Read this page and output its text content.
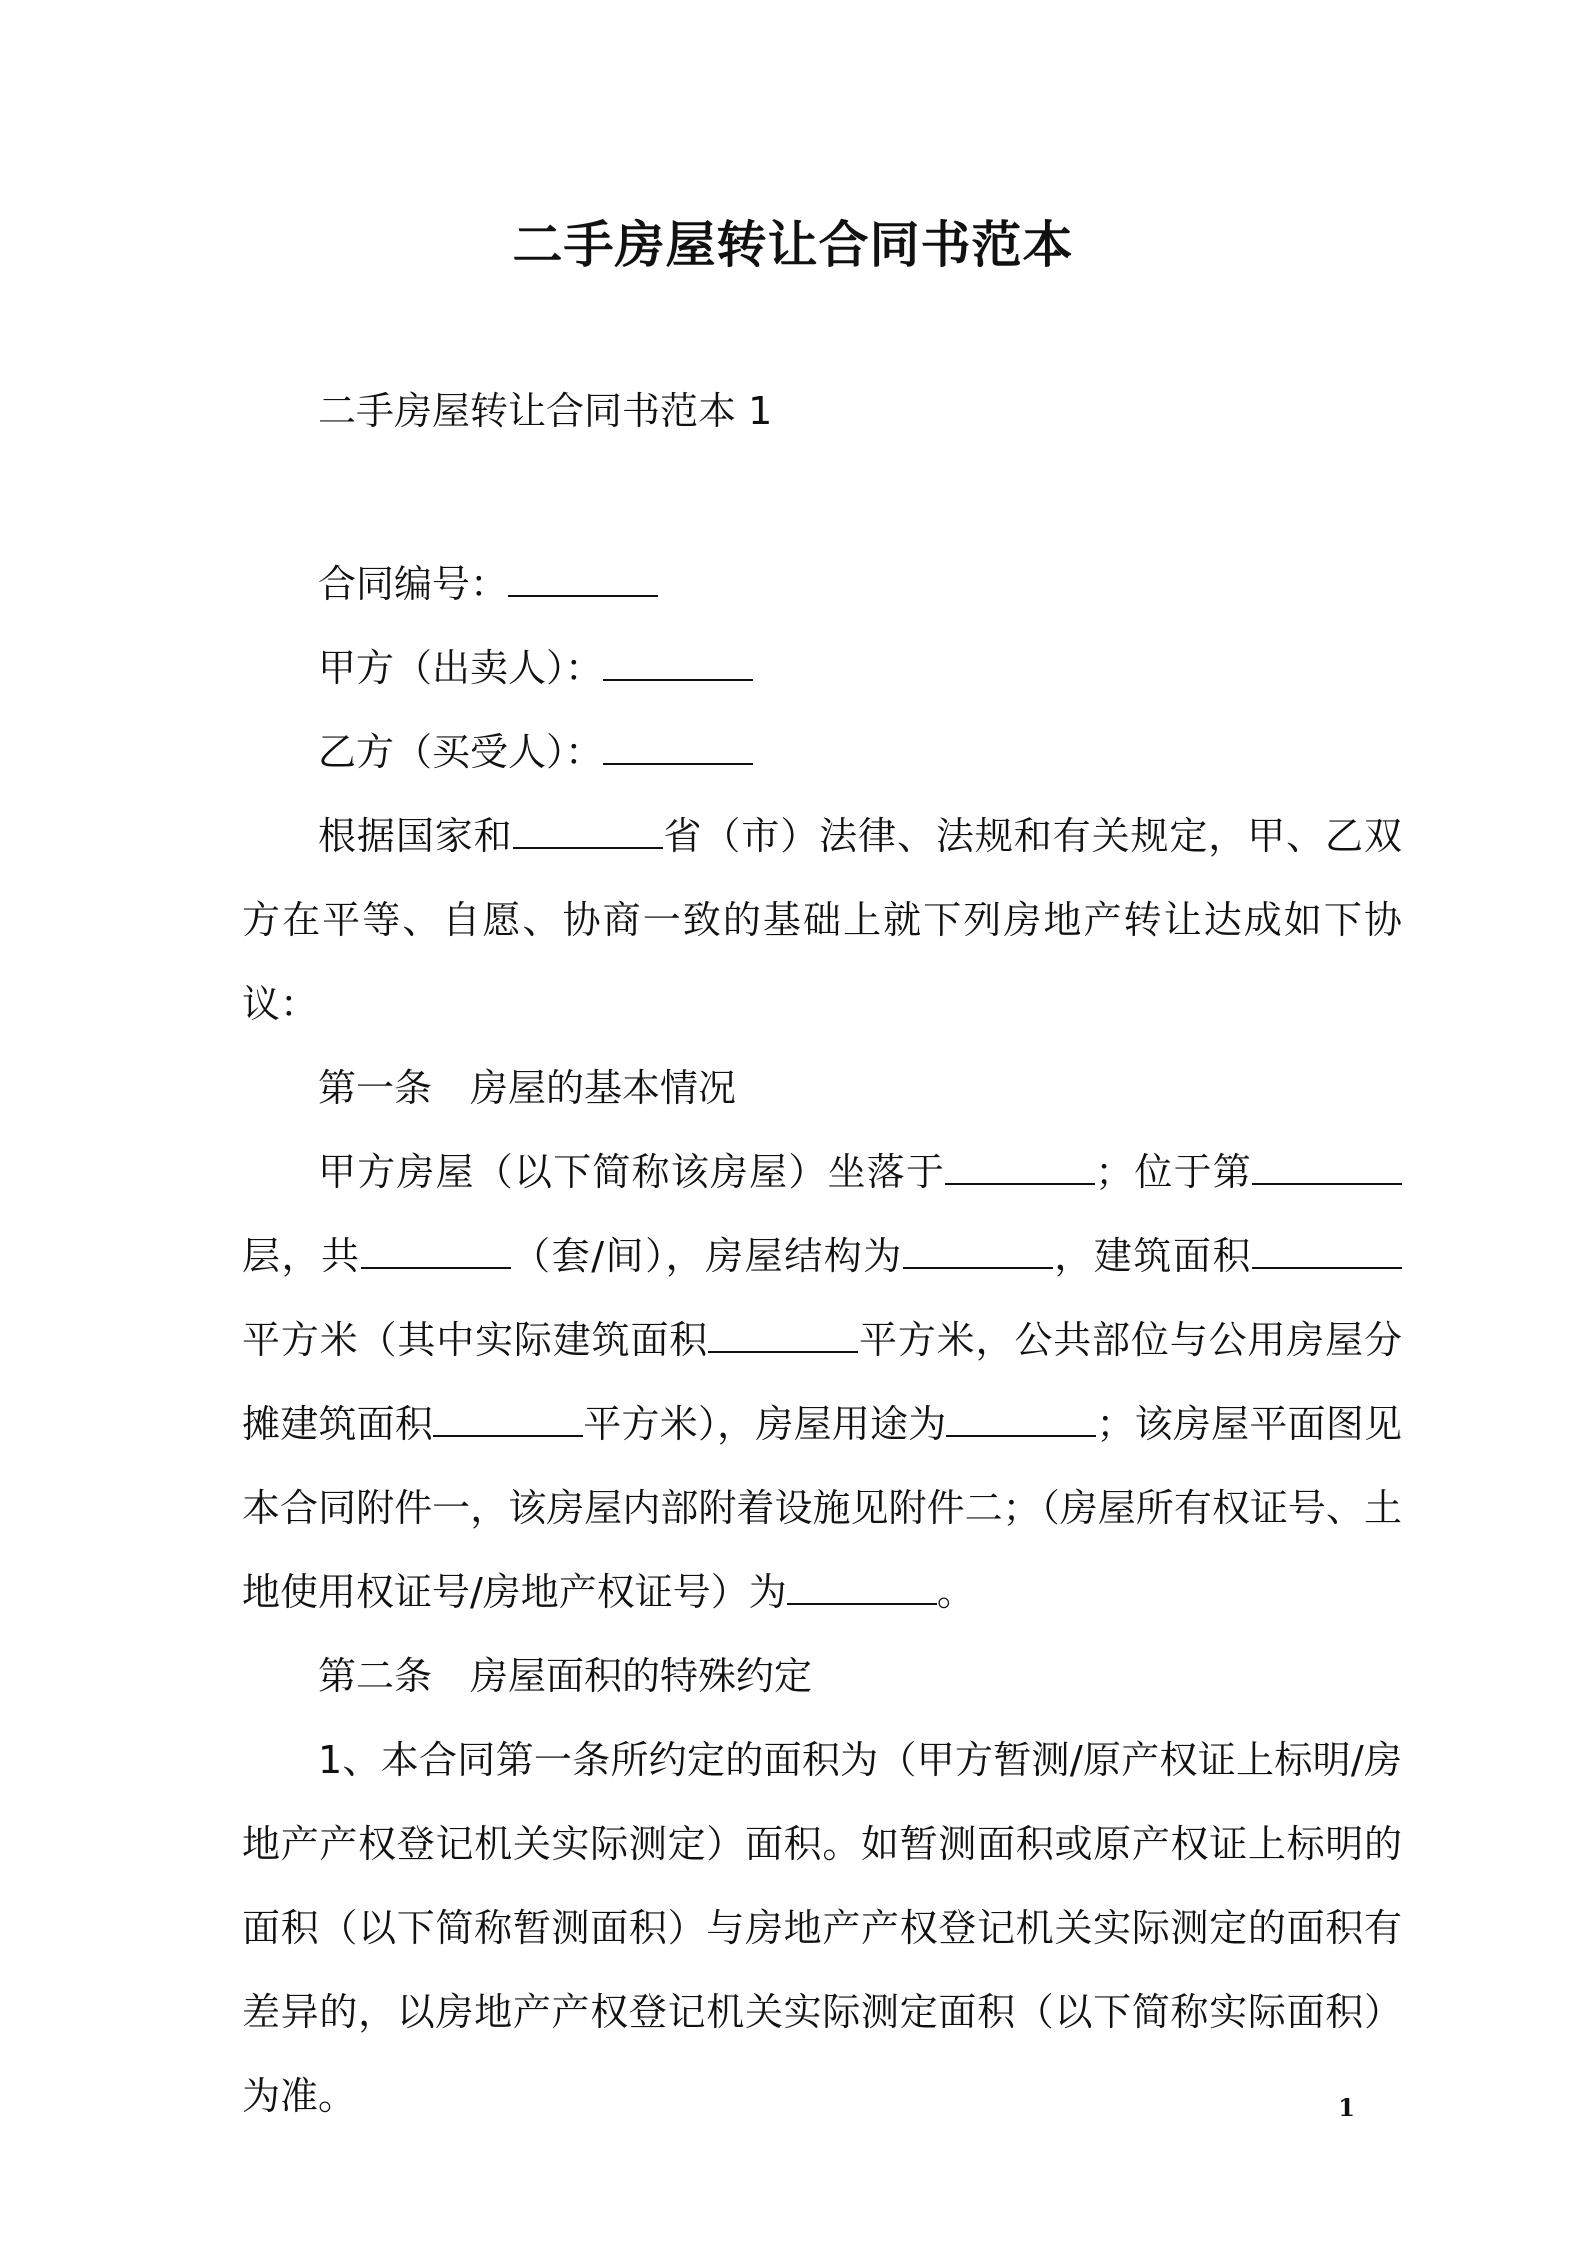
二手房屋转让合同书范本
二手房屋转让合同书范本 1

合同编号：

甲方（出卖人）：

乙方（买受人）：

根据国家和	省（市）法律、法规和有关规定，甲、乙双方在平等、自愿、协商一致的基础上就下列房地产转让达成如下协议：

第一条　房屋的基本情况

甲方房屋（以下简称该房屋）坐落于	；位于第层，共	（套/间），房屋结构为	，建筑面积平方米（其中实际建筑面积	平方米，公共部位与公用房屋分摊建筑面积	平方米），房屋用途为	；该房屋平面图见本合同附件一，该房屋内部附着设施见附件二；（房屋所有权证号、土地使用权证号/房地产权证号）为	。

第二条　房屋面积的特殊约定

1、本合同第一条所约定的面积为（甲方暂测/原产权证上标明/房地产产权登记机关实际测定）面积。如暂测面积或原产权证上标明的面积（以下简称暂测面积）与房地产产权登记机关实际测定的面积有差异的，以房地产产权登记机关实际测定面积（以下简称实际面积）为准。	1
